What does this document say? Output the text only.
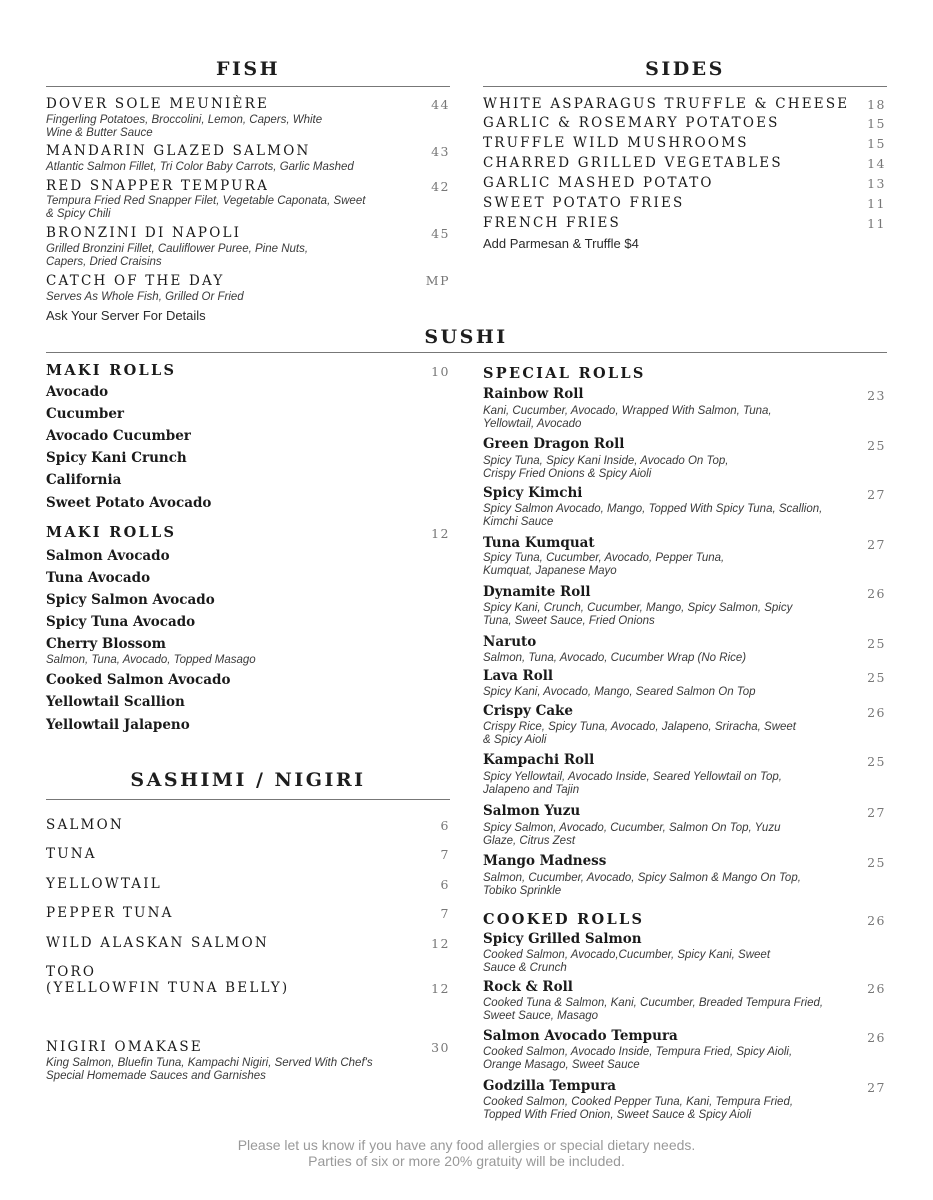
FISH
DOVER SOLE MEUNIÈRE	44
Fingerling Potatoes, Broccolini, Lemon, Capers, White Wine & Butter Sauce
MANDARIN GLAZED SALMON	43
Atlantic Salmon Fillet, Tri Color Baby Carrots, Garlic Mashed
RED SNAPPER TEMPURA	42
Tempura Fried Red Snapper Filet, Vegetable Caponata, Sweet & Spicy Chili
BRONZINI DI NAPOLI	45
Grilled Bronzini Fillet, Cauliflower Puree, Pine Nuts, Capers, Dried Craisins
CATCH OF THE DAY	MP
Serves As Whole Fish, Grilled Or Fried
Ask Your Server For Details
SIDES
WHITE ASPARAGUS TRUFFLE & CHEESE	18
GARLIC & ROSEMARY POTATOES	15
TRUFFLE WILD MUSHROOMS	15
CHARRED GRILLED VEGETABLES	14
GARLIC MASHED POTATO	13
SWEET POTATO FRIES	11
FRENCH FRIES	11
Add Parmesan & Truffle $4
SUSHI
MAKI ROLLS	10
Avocado
Cucumber
Avocado Cucumber
Spicy Kani Crunch
California
Sweet Potato Avocado
MAKI ROLLS	12
Salmon Avocado
Tuna Avocado
Spicy Salmon Avocado
Spicy Tuna Avocado
Cherry Blossom
Salmon, Tuna, Avocado, Topped Masago
Cooked Salmon Avocado
Yellowtail Scallion
Yellowtail Jalapeno
SPECIAL ROLLS
Rainbow Roll	23
Kani, Cucumber, Avocado, Wrapped With Salmon, Tuna, Yellowtail, Avocado
Green Dragon Roll	25
Spicy Tuna, Spicy Kani Inside, Avocado On Top, Crispy Fried Onions & Spicy Aioli
Spicy Kimchi	27
Spicy Salmon Avocado, Mango, Topped With Spicy Tuna, Scallion, Kimchi Sauce
Tuna Kumquat	27
Spicy Tuna, Cucumber, Avocado, Pepper Tuna, Kumquat, Japanese Mayo
Dynamite Roll	26
Spicy Kani, Crunch, Cucumber, Mango, Spicy Salmon, Spicy Tuna, Sweet Sauce, Fried Onions
Naruto	25
Salmon, Tuna, Avocado, Cucumber Wrap (No Rice)
Lava Roll	25
Spicy Kani, Avocado, Mango, Seared Salmon On Top
Crispy Cake	26
Crispy Rice, Spicy Tuna, Avocado, Jalapeno, Sriracha, Sweet & Spicy Aioli
Kampachi Roll	25
Spicy Yellowtail, Avocado Inside, Seared Yellowtail on Top, Jalapeno and Tajin
Salmon Yuzu	27
Spicy Salmon, Avocado, Cucumber, Salmon On Top, Yuzu Glaze, Citrus Zest
Mango Madness	25
Salmon, Cucumber, Avocado, Spicy Salmon & Mango On Top, Tobiko Sprinkle
COOKED ROLLS	26
Spicy Grilled Salmon
Cooked Salmon, Avocado,Cucumber, Spicy Kani, Sweet Sauce & Crunch
Rock & Roll	26
Cooked Tuna & Salmon, Kani, Cucumber, Breaded Tempura Fried, Sweet Sauce, Masago
Salmon Avocado Tempura	26
Cooked Salmon, Avocado Inside, Tempura Fried, Spicy Aioli, Orange Masago, Sweet Sauce
Godzilla Tempura	27
Cooked Salmon, Cooked Pepper Tuna, Kani, Tempura Fried, Topped With Fried Onion, Sweet Sauce & Spicy Aioli
SASHIMI / NIGIRI
SALMON	6
TUNA	7
YELLOWTAIL	6
PEPPER TUNA	7
WILD ALASKAN SALMON	12
TORO
(YELLOWFIN TUNA BELLY)	12
NIGIRI OMAKASE	30
King Salmon, Bluefin Tuna, Kampachi Nigiri, Served With Chef's Special Homemade Sauces and Garnishes
Please let us know if you have any food allergies or special dietary needs.
Parties of six or more 20% gratuity will be included.
